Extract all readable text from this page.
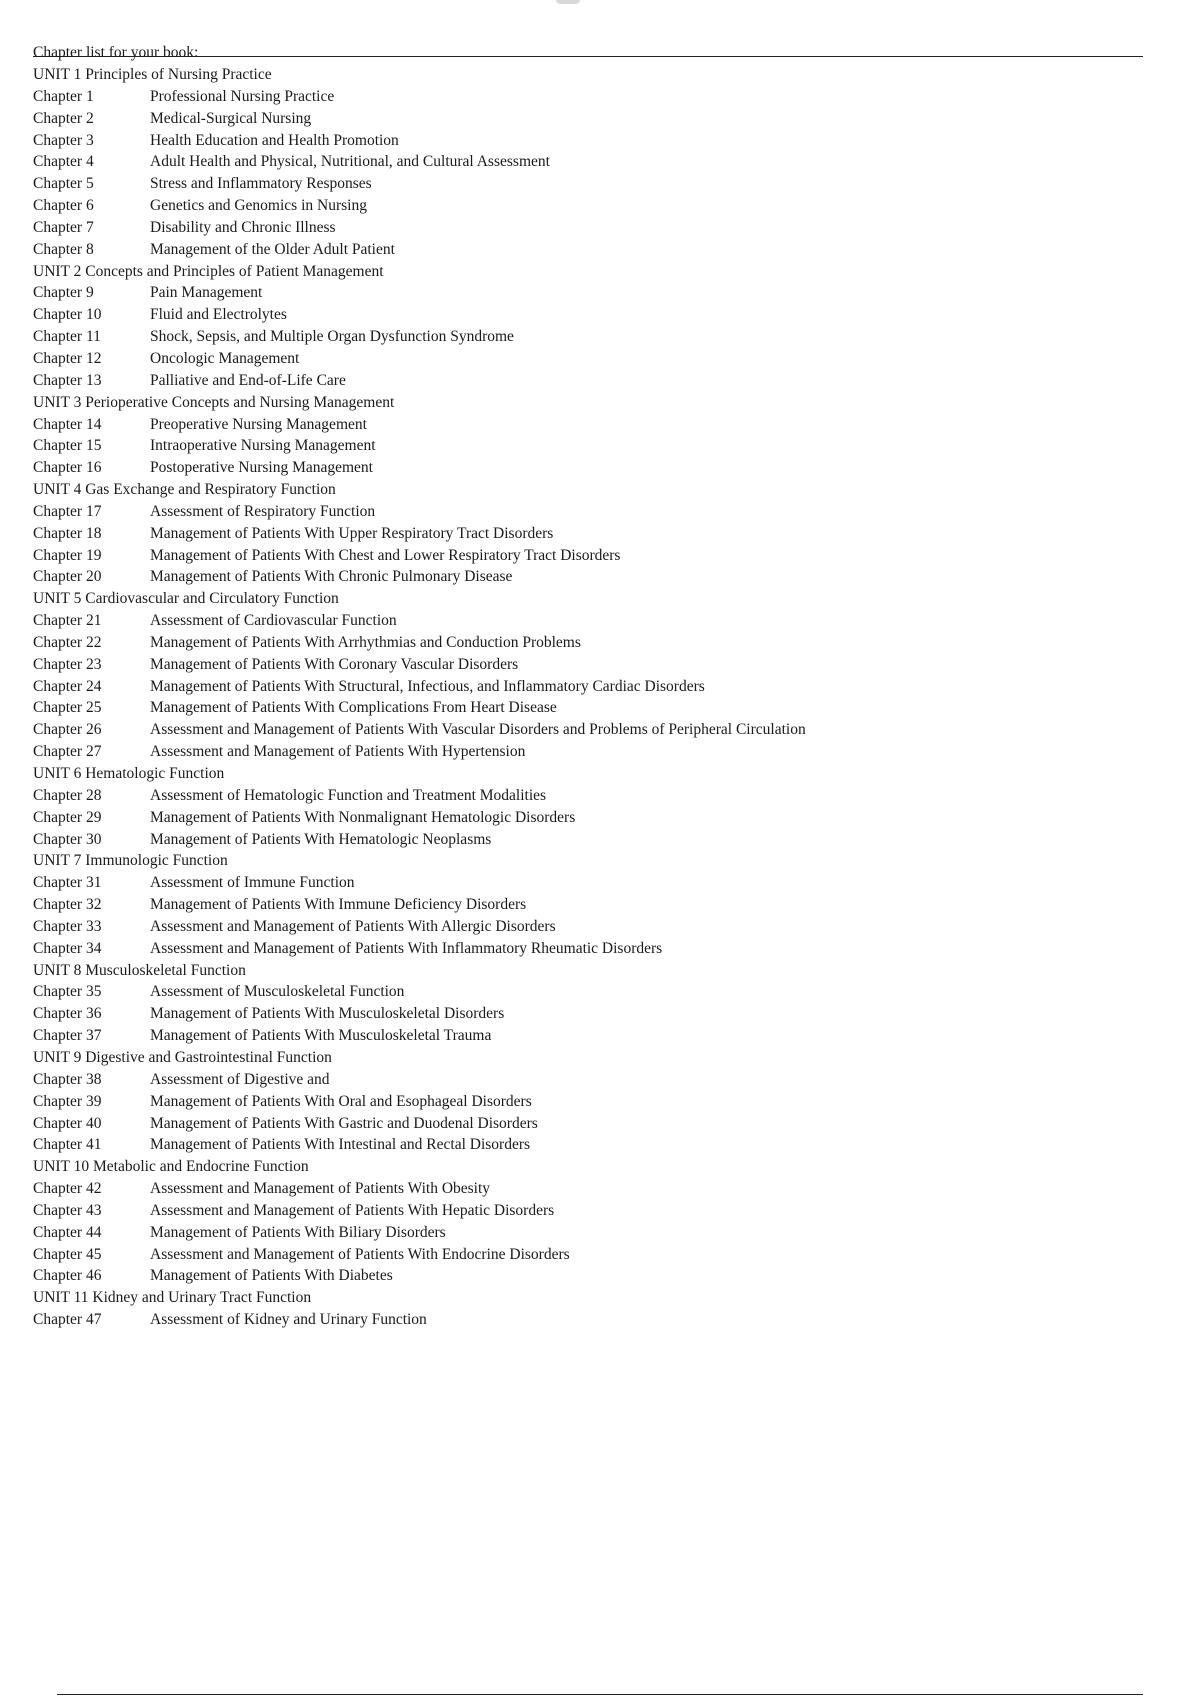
Chapter list for your book:
UNIT 1 Principles of Nursing Practice
Chapter 1	Professional Nursing Practice
Chapter 2	Medical-Surgical Nursing
Chapter 3	Health Education and Health Promotion
Chapter 4	Adult Health and Physical, Nutritional, and Cultural Assessment
Chapter 5	Stress and Inflammatory Responses
Chapter 6	Genetics and Genomics in Nursing
Chapter 7	Disability and Chronic Illness
Chapter 8	Management of the Older Adult Patient
UNIT 2 Concepts and Principles of Patient Management
Chapter 9	Pain Management
Chapter 10	Fluid and Electrolytes
Chapter 11	Shock, Sepsis, and Multiple Organ Dysfunction Syndrome
Chapter 12	Oncologic Management
Chapter 13	Palliative and End-of-Life Care
UNIT 3 Perioperative Concepts and Nursing Management
Chapter 14	Preoperative Nursing Management
Chapter 15	Intraoperative Nursing Management
Chapter 16	Postoperative Nursing Management
UNIT 4 Gas Exchange and Respiratory Function
Chapter 17	Assessment of Respiratory Function
Chapter 18	Management of Patients With Upper Respiratory Tract Disorders
Chapter 19	Management of Patients With Chest and Lower Respiratory Tract Disorders
Chapter 20	Management of Patients With Chronic Pulmonary Disease
UNIT 5 Cardiovascular and Circulatory Function
Chapter 21	Assessment of Cardiovascular Function
Chapter 22	Management of Patients With Arrhythmias and Conduction Problems
Chapter 23	Management of Patients With Coronary Vascular Disorders
Chapter 24	Management of Patients With Structural, Infectious, and Inflammatory Cardiac Disorders
Chapter 25	Management of Patients With Complications From Heart Disease
Chapter 26	Assessment and Management of Patients With Vascular Disorders and Problems of Peripheral Circulation
Chapter 27	Assessment and Management of Patients With Hypertension
UNIT 6 Hematologic Function
Chapter 28	Assessment of Hematologic Function and Treatment Modalities
Chapter 29	Management of Patients With Nonmalignant Hematologic Disorders
Chapter 30	Management of Patients With Hematologic Neoplasms
UNIT 7 Immunologic Function
Chapter 31	Assessment of Immune Function
Chapter 32	Management of Patients With Immune Deficiency Disorders
Chapter 33	Assessment and Management of Patients With Allergic Disorders
Chapter 34	Assessment and Management of Patients With Inflammatory Rheumatic Disorders
UNIT 8 Musculoskeletal Function
Chapter 35	Assessment of Musculoskeletal Function
Chapter 36	Management of Patients With Musculoskeletal Disorders
Chapter 37	Management of Patients With Musculoskeletal Trauma
UNIT 9 Digestive and Gastrointestinal Function
Chapter 38	Assessment of Digestive and
Chapter 39	Management of Patients With Oral and Esophageal Disorders
Chapter 40	Management of Patients With Gastric and Duodenal Disorders
Chapter 41	Management of Patients With Intestinal and Rectal Disorders
UNIT 10 Metabolic and Endocrine Function
Chapter 42	Assessment and Management of Patients With Obesity
Chapter 43	Assessment and Management of Patients With Hepatic Disorders
Chapter 44	Management of Patients With Biliary Disorders
Chapter 45	Assessment and Management of Patients With Endocrine Disorders
Chapter 46	Management of Patients With Diabetes
UNIT 11 Kidney and Urinary Tract Function
Chapter 47	Assessment of Kidney and Urinary Function
